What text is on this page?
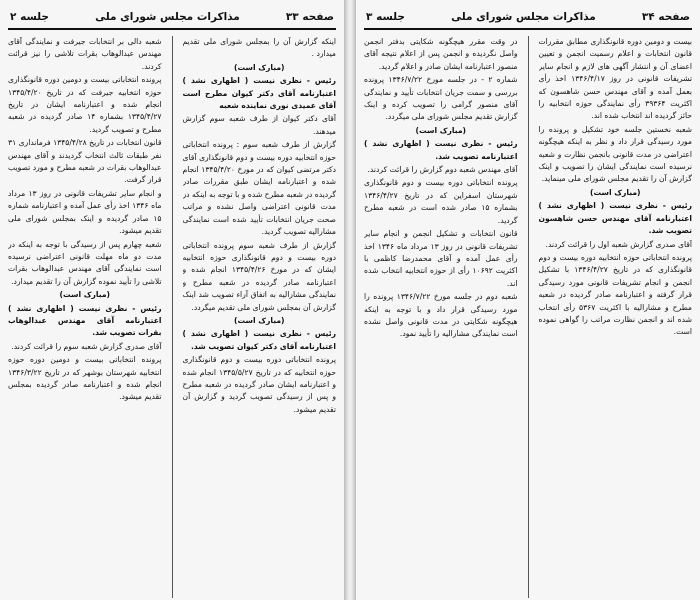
صفحه ۳۳
مذاکرات مجلس شورای ملی
جلسه ۲

اینکه گزارش آن را بمجلس شورای ملی تقدیم میدارد .

(مبارک است)

رئیس - نظری نیست ( اظهاری نشد ) اعتبارنامه آقای دکتر کیوان مطرح است آقای عمیدی نوری نماینده شعبه

آقای دکتر کیوان از طرف شعبه سوم گزارش میدهند.

گزارش از طرف شعبه سوم : پرونده انتخاباتی حوزه انتخابیه دوره بیست و دوم قانونگذاری آقای دکتر مرتضی کیوان که در مورخ ۱۳۴۵/۴/۲۰ انجام شده و اعتبارنامه ایشان طبق مقررات صادر گردیده در شعبه مطرح شده و با توجه به اینکه در مدت قانونی اعتراضی واصل نشده و مراتب صحت جریان انتخابات تأیید شده است نمایندگی مشارالیه تصویب گردید.

گزارش از طرف شعبه سوم پرونده انتخاباتی دوره بیست و دوم قانونگذاری حوزه انتخابیه ایشان که در مورخ ۱۳۴۵/۴/۲۶ انجام شده و اعتبارنامه صادر گردیده در شعبه مطرح و نمایندگی مشارالیه به اتفاق آراء تصویب شد اینک گزارش آن بمجلس شورای ملی تقدیم میگردد.

(مبارک است)

رئیس - نظری نیست ( اظهاری نشد ) اعتبارنامه آقای دکتر کیوان تصویب شد.

پرونده انتخاباتی دوره بیست و دوم قانونگذاری حوزه انتخابیه که در تاریخ ۱۳۴۵/۵/۲۷ انجام شده و اعتبارنامه ایشان صادر گردیده در شعبه مطرح و پس از رسیدگی تصویب گردید و گزارش آن تقدیم میشود.

شعبه دالی بر انتخابات جیرفت و نمایندگی آقای مهندس عبدالوهاب بقرات تلاشی را نیز قرائت کردند.

پرونده انتخاباتی بیست و دومین دوره قانونگذاری حوزه انتخابیه جیرفت که در تاریخ ۱۳۴۵/۴/۲۰ انجام شده و اعتبارنامه ایشان در تاریخ ۱۳۴۵/۴/۲۷ بشماره ۱۴ صادر گردیده در شعبه مطرح و تصویب گردید.

قانون انتخابات در تاریخ ۱۳۴۵/۴/۲۸ فرمانداری ۳۱ نفر طبقات ثالث انتخاب گردیدند و آقای مهندس عبدالوهاب بقرات در شعبه مطرح و مورد تصویب قرار گرفت.

و انجام سایر تشریفات قانونی در روز ۱۳ مرداد ماه ۱۳۴۶ اخذ رأی عمل آمده و اعتبارنامه شماره ۱۵ صادر گردیده و اینک بمجلس شورای ملی تقدیم میشود.

شعبه چهارم پس از رسیدگی با توجه به اینکه در مدت دو ماه مهلت قانونی اعتراضی نرسیده است نمایندگی آقای مهندس عبدالوهاب بقرات تلاشی را تأیید نموده گزارش آن را تقدیم میدارد.

(مبارک است)

رئیس - نظری نیست ( اظهاری نشد ) اعتبارنامه آقای مهندس عبدالوهاب بقرات تصویب شد.

آقای صدری گزارش شعبه سوم را قرائت کردند.

پرونده انتخاباتی بیست و دومین دوره حوزه انتخابیه شهرستان بوشهر که در تاریخ ۱۳۴۶/۳/۲۲ انجام شده و اعتبارنامه صادر گردیده بمجلس تقدیم میشود.

صفحه ۳۴
مذاکرات مجلس شورای ملی
جلسه ۳

بیست و دومین دوره قانونگذاری مطابق مقررات قانون انتخابات و اعلام رسمیت انجمن و تعیین اعضای آن و انتشار آگهی های لازم و انجام سایر تشریفات قانونی در روز ۱۳۴۶/۴/۱۷ اخذ رأی بعمل آمده و آقای مهندس حسن شاهسون که اکثریت ۳۹۳۶۴ رأی نمایندگی حوزه انتخابیه را حائز گردیده اند انتخاب شده اند.

شعبه نخستین جلسه خود تشکیل و پرونده را مورد رسیدگی قرار داد و نظر به اینکه هیچگونه اعتراضی در مدت قانونی بانجمن نظارت و شعبه نرسیده است نمایندگی ایشان را تصویب و اینک گزارش آن را تقدیم مجلس شورای ملی مینماید.

(مبارک است)

رئیس - نظری نیست ( اظهاری نشد ) اعتبارنامه آقای مهندس حسن شاهسون تصویب شد.

آقای صدری گزارش شعبه اول را قرائت کردند.

پرونده انتخاباتی حوزه انتخابیه دوره بیست و دوم قانونگذاری که در تاریخ ۱۳۴۶/۴/۲۷ با تشکیل انجمن و انجام تشریفات قانونی مورد رسیدگی قرار گرفته و اعتبارنامه صادر گردیده در شعبه مطرح و مشارالیه با اکثریت ۵۳۶۷ رأی انتخاب شده اند و انجمن نظارت مراتب را گواهی نموده است.

در وقت مقرر هیچگونه شکایتی بدفتر انجمن واصل نگردیده و انجمن پس از اعلام نتیجه آقای منصور اعتبارنامه ایشان صادر و اعلام گردید.

شماره ۲ - در جلسه مورخ ۱۳۴۶/۷/۲۲ پرونده بررسی و سمت جریان انتخابات تأیید و نمایندگی آقای منصور گرامی را تصویب کرده و اینک گزارش تقدیم مجلس شورای ملی میگردد.

(مبارک است)

رئیس - نظری نیست ( اظهاری نشد ) اعتبارنامه تصویب شد.

آقای مهندس شعبه دوم گزارش را قرائت کردند.

پرونده انتخاباتی دوره بیست و دوم قانونگذاری شهرستان اسفراین که در تاریخ ۱۳۴۶/۴/۲۷ بشماره ۱۵ صادر شده است در شعبه مطرح گردید.

قانون انتخابات و تشکیل انجمن و انجام سایر تشریفات قانونی در روز ۱۳ مرداد ماه ۱۳۴۶ اخذ رأی عمل آمده و آقای محمدرضا کاظمی با اکثریت ۱۰۶۹۲ رأی از حوزه انتخابیه انتخاب شده اند.

شعبه دوم در جلسه مورخ ۱۳۴۶/۷/۲۲ پرونده را مورد رسیدگی قرار داد و با توجه به اینکه هیچگونه شکایتی در مدت قانونی واصل نشده است نمایندگی مشارالیه را تأیید نمود.
